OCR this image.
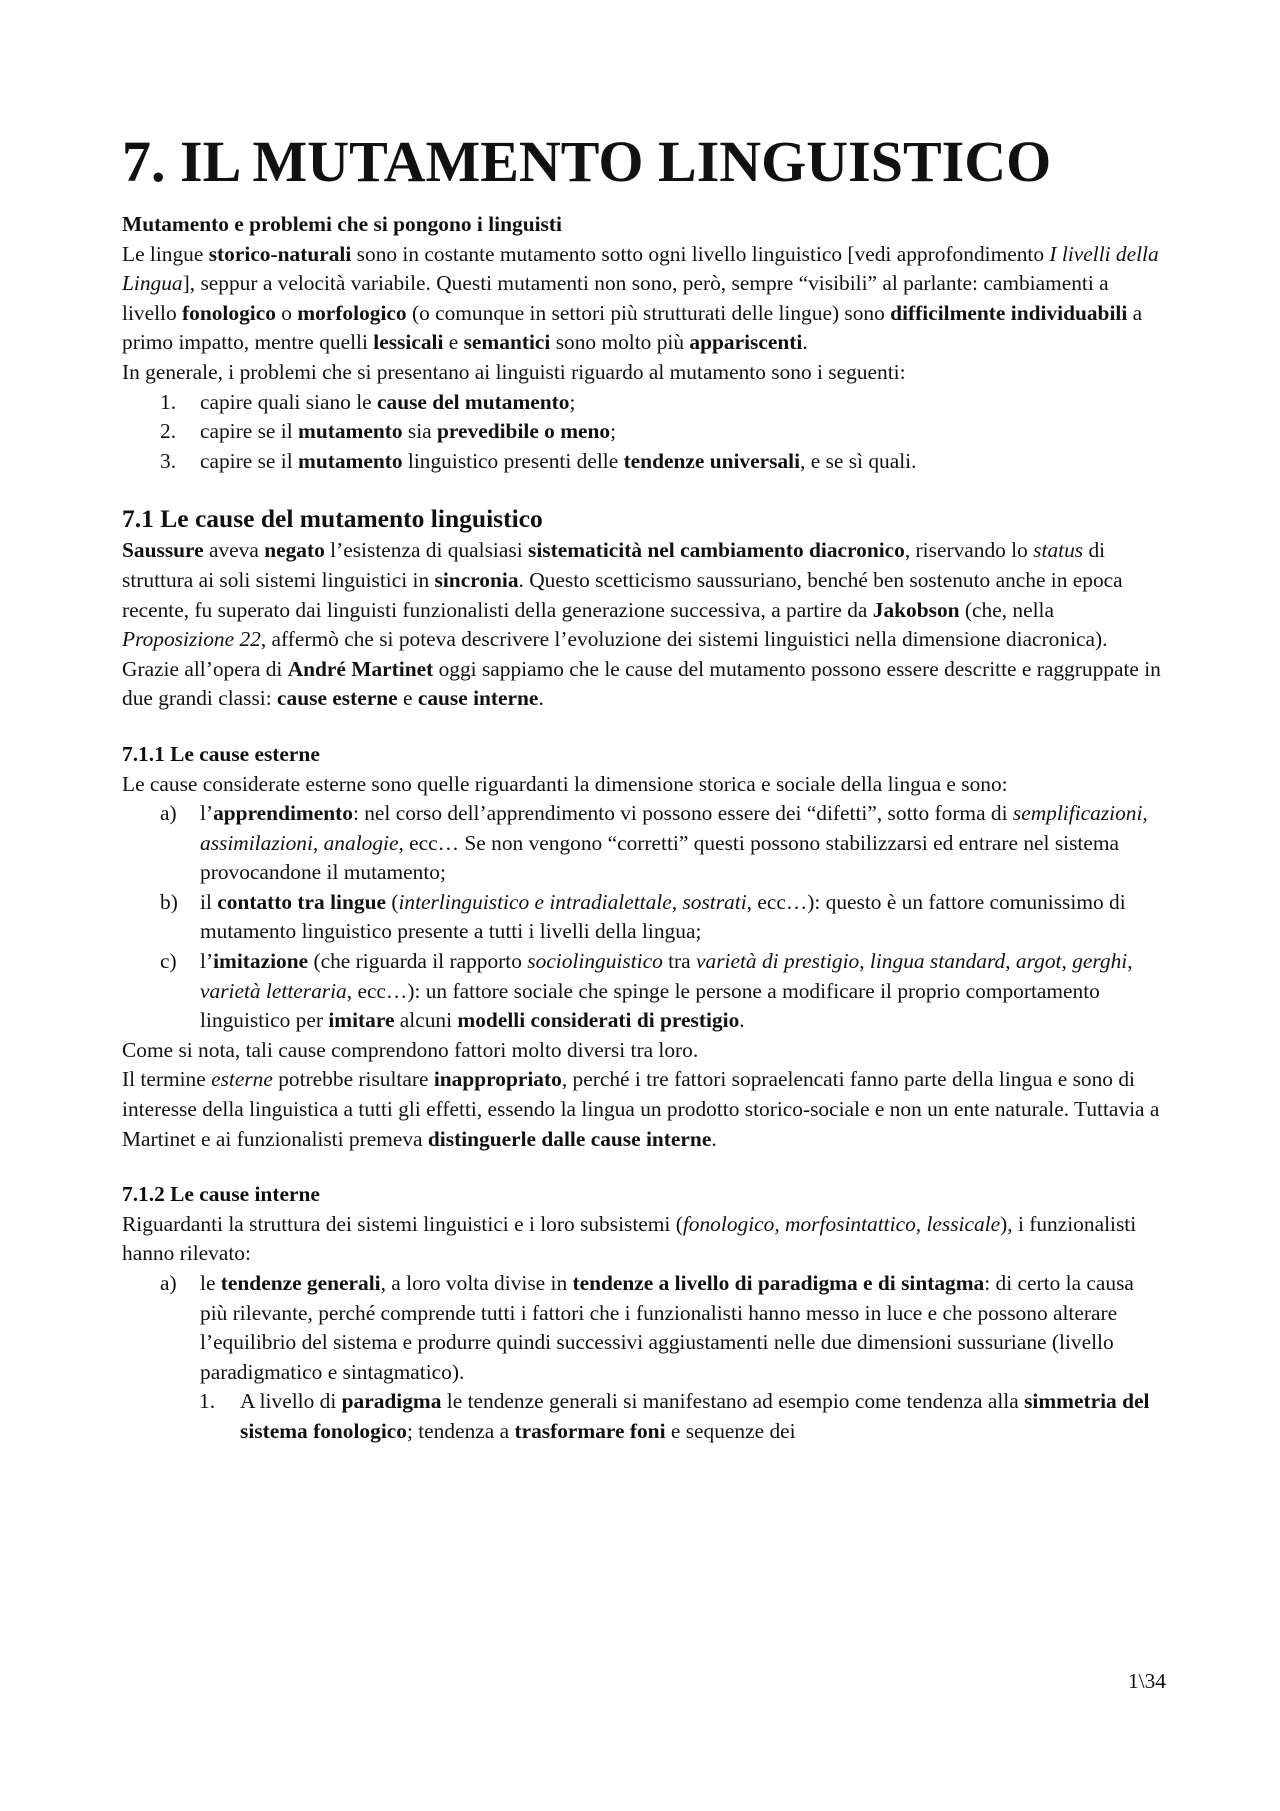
7. IL MUTAMENTO LINGUISTICO

Mutamento e problemi che si pongono i linguisti

Le lingue storico-naturali sono in costante mutamento sotto ogni livello linguistico [vedi approfondimento I livelli della Lingua], seppur a velocità variabile. Questi mutamenti non sono, però, sempre “visibili” al parlante: cambiamenti a livello fonologico o morfologico (o comunque in settori più strutturati delle lingue) sono difficilmente individuabili a primo impatto, mentre quelli lessicali e semantici sono molto più appariscenti.

In generale, i problemi che si presentano ai linguisti riguardo al mutamento sono i seguenti:

1. capire quali siano le cause del mutamento;
2. capire se il mutamento sia prevedibile o meno;
3. capire se il mutamento linguistico presenti delle tendenze universali, e se sì quali.

7.1 Le cause del mutamento linguistico

Saussure aveva negato l’esistenza di qualsiasi sistematicità nel cambiamento diacronico, riservando lo status di struttura ai soli sistemi linguistici in sincronia. Questo scetticismo saussuriano, benché ben sostenuto anche in epoca recente, fu superato dai linguisti funzionalisti della generazione successiva, a partire da Jakobson (che, nella Proposizione 22, affermò che si poteva descrivere l’evoluzione dei sistemi linguistici nella dimensione diacronica).

Grazie all’opera di André Martinet oggi sappiamo che le cause del mutamento possono essere descritte e raggruppate in due grandi classi: cause esterne e cause interne.

7.1.1 Le cause esterne

Le cause considerate esterne sono quelle riguardanti la dimensione storica e sociale della lingua e sono:

a) l’apprendimento: nel corso dell’apprendimento vi possono essere dei “difetti”, sotto forma di semplificazioni, assimilazioni, analogie, ecc… Se non vengono “corretti” questi possono stabilizzarsi ed entrare nel sistema provocandone il mutamento;
b) il contatto tra lingue (interlinguistico e intradialettale, sostrati, ecc…): questo è un fattore comunissimo di mutamento linguistico presente a tutti i livelli della lingua;
c) l’imitazione (che riguarda il rapporto sociolinguistico tra varietà di prestigio, lingua standard, argot, gerghi, varietà letteraria, ecc…): un fattore sociale che spinge le persone a modificare il proprio comportamento linguistico per imitare alcuni modelli considerati di prestigio.

Come si nota, tali cause comprendono fattori molto diversi tra loro.

Il termine esterne potrebbe risultare inappropriato, perché i tre fattori sopraelencati fanno parte della lingua e sono di interesse della linguistica a tutti gli effetti, essendo la lingua un prodotto storico-sociale e non un ente naturale. Tuttavia a Martinet e ai funzionalisti premeva distinguerle dalle cause interne.

7.1.2 Le cause interne

Riguardanti la struttura dei sistemi linguistici e i loro subsistemi (fonologico, morfosintattico, lessicale), i funzionalisti hanno rilevato:

a) le tendenze generali, a loro volta divise in tendenze a livello di paradigma e di sintagma: di certo la causa più rilevante, perché comprende tutti i fattori che i funzionalisti hanno messo in luce e che possono alterare l’equilibrio del sistema e produrre quindi successivi aggiustamenti nelle due dimensioni sussuriane (livello paradigmatico e sintagmatico).
1. A livello di paradigma le tendenze generali si manifestano ad esempio come tendenza alla simmetria del sistema fonologico; tendenza a trasformare foni e sequenze dei
1\34
